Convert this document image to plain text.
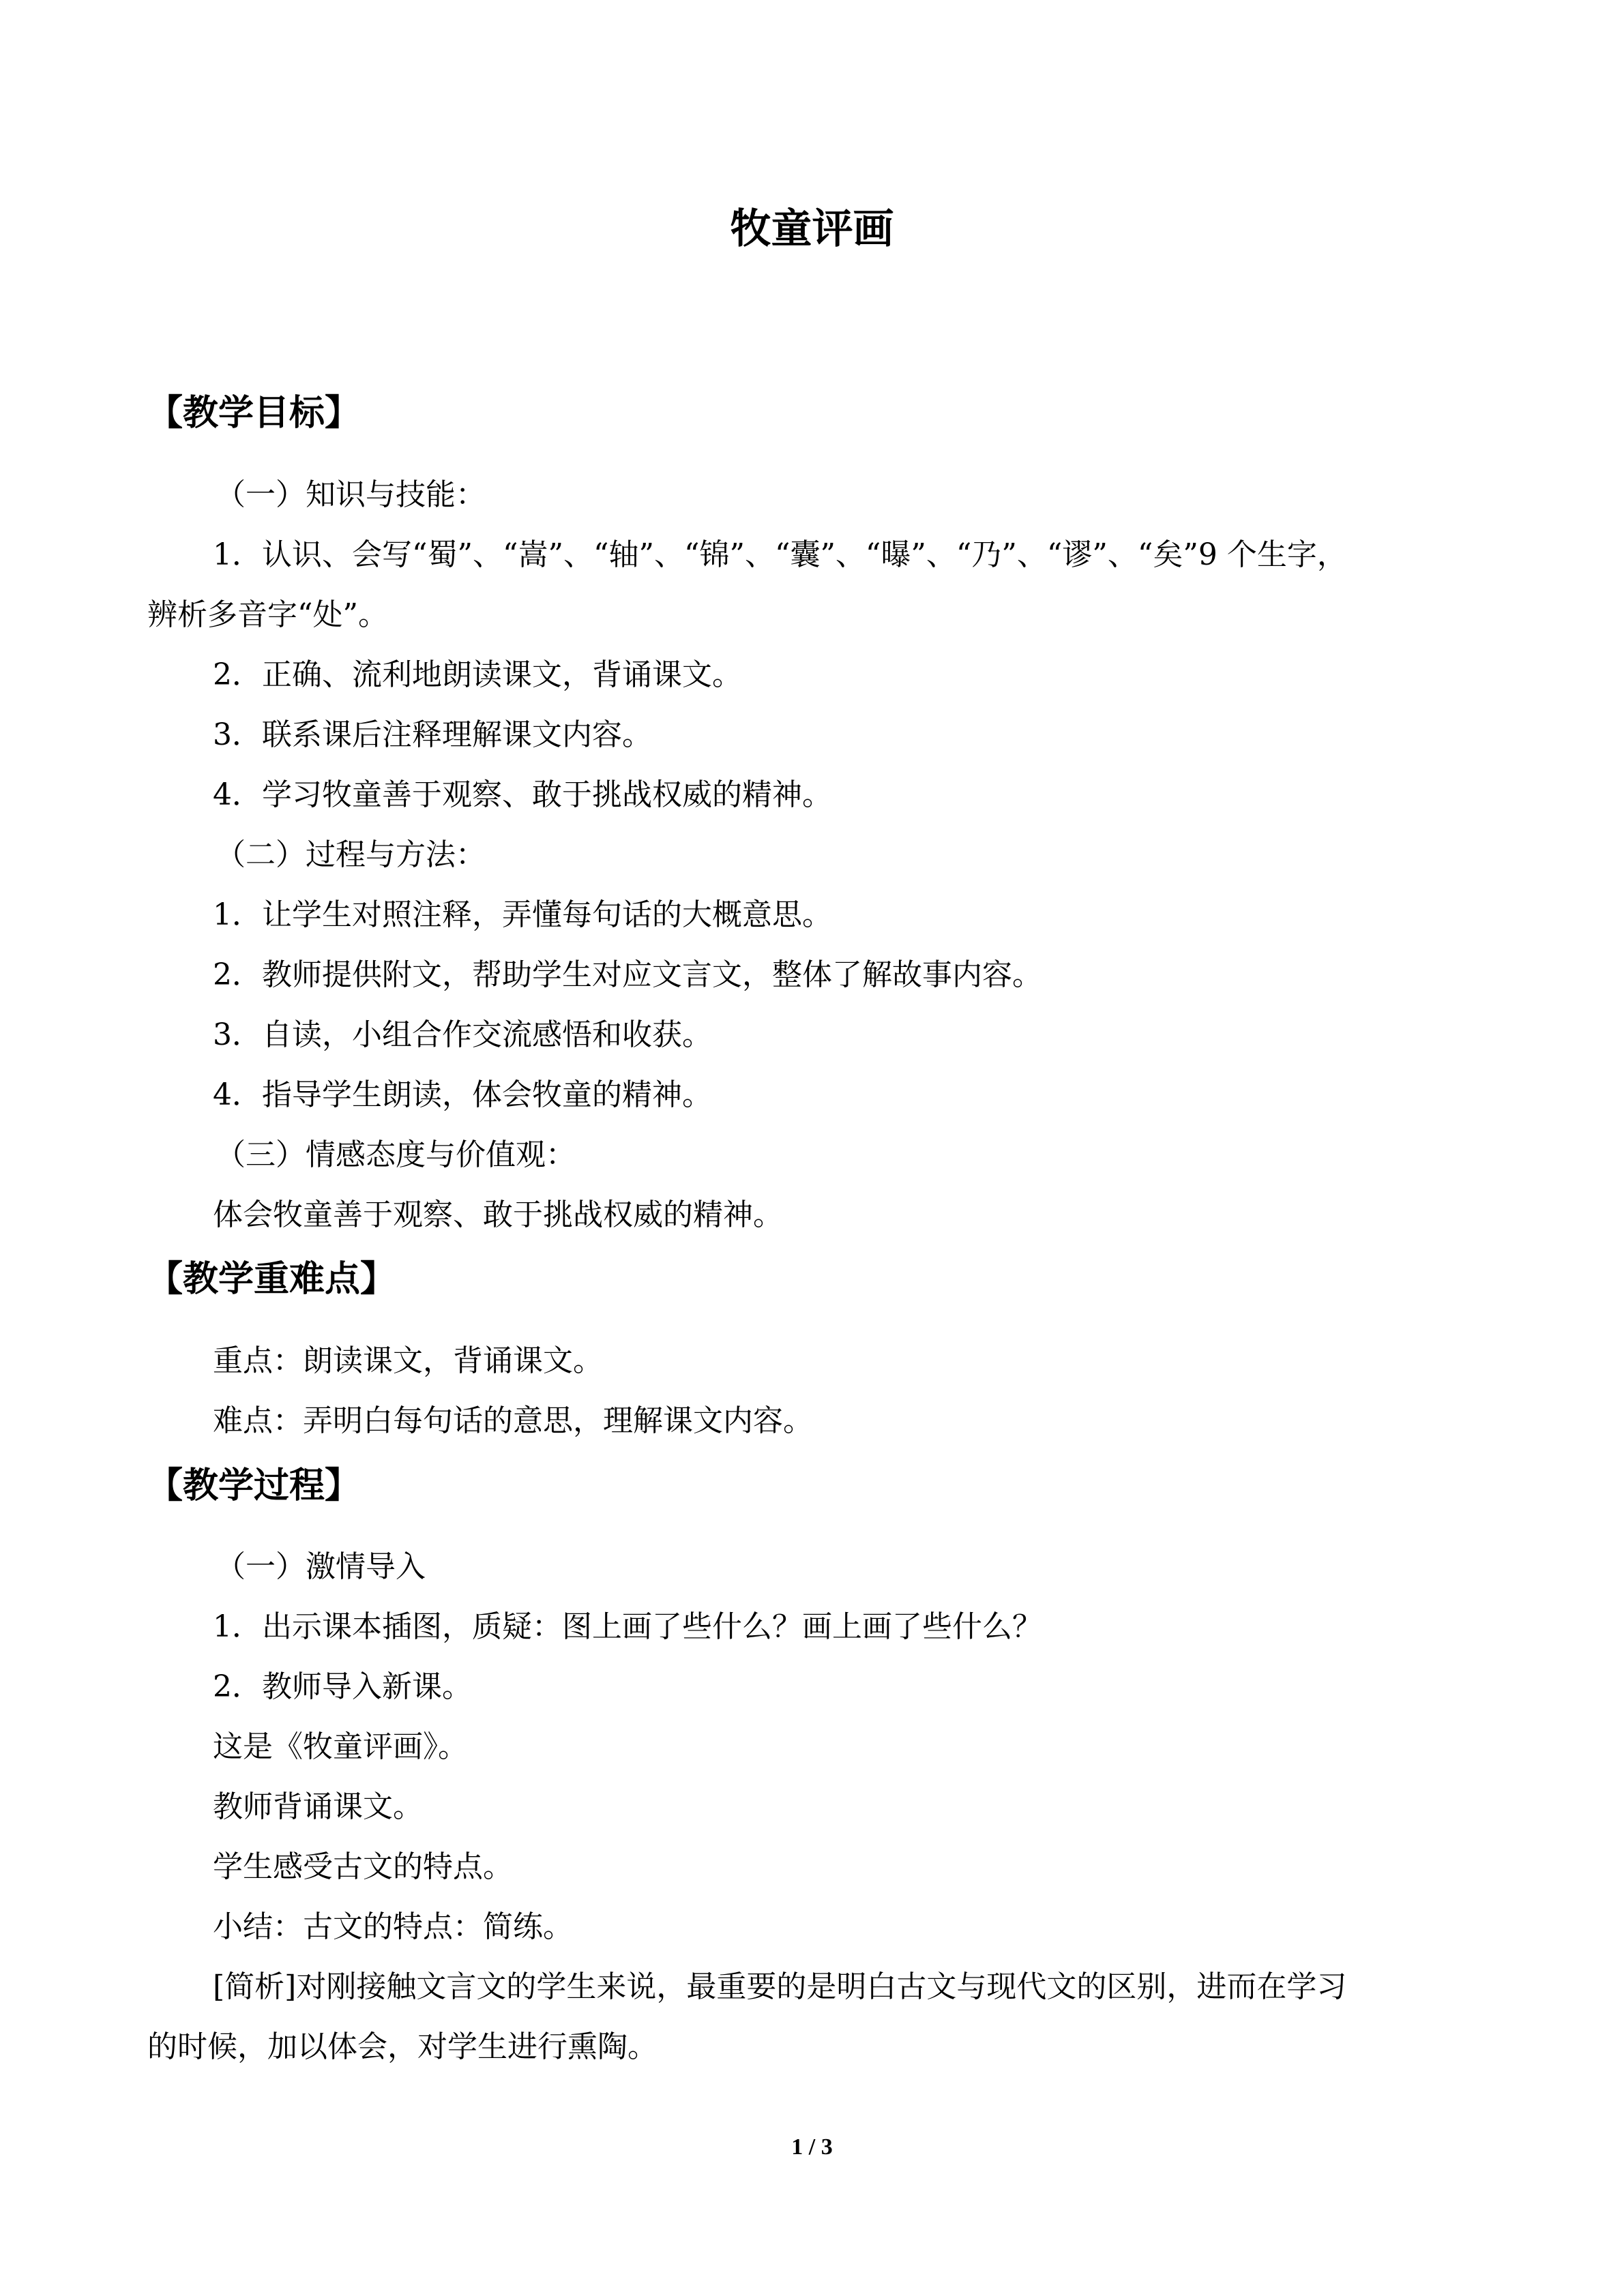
牧童评画
【教学目标】
（一）知识与技能：
1．认识、会写“蜀”、“嵩”、“轴”、“锦”、“囊”、“曝”、“乃”、“谬”、“矣”9 个生字，
辨析多音字“处”。
2．正确、流利地朗读课文，背诵课文。
3．联系课后注释理解课文内容。
4．学习牧童善于观察、敢于挑战权威的精神。
（二）过程与方法：
1．让学生对照注释，弄懂每句话的大概意思。
2．教师提供附文，帮助学生对应文言文，整体了解故事内容。
3．自读，小组合作交流感悟和收获。
4．指导学生朗读，体会牧童的精神。
（三）情感态度与价值观：
体会牧童善于观察、敢于挑战权威的精神。
【教学重难点】
重点：朗读课文，背诵课文。
难点：弄明白每句话的意思，理解课文内容。
【教学过程】
（一）激情导入
1．出示课本插图，质疑：图上画了些什么？画上画了些什么？
2．教师导入新课。
这是《牧童评画》。
教师背诵课文。
学生感受古文的特点。
小结：古文的特点：简练。
[简析]对刚接触文言文的学生来说，最重要的是明白古文与现代文的区别，进而在学习
的时候，加以体会，对学生进行熏陶。
1 / 3
